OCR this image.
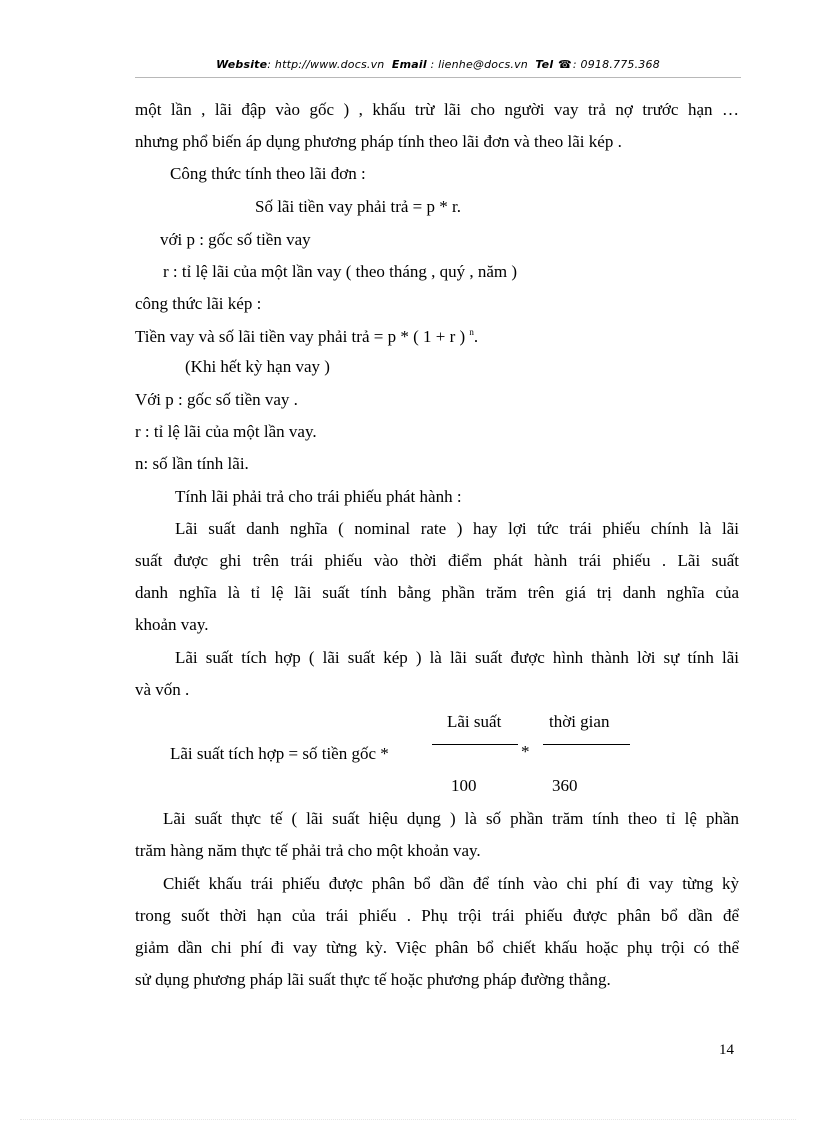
Website: http://www.docs.vn Email : lienhe@docs.vn Tel ☎: 0918.775.368
một lần , lãi đập vào gốc ) , khấu trừ lãi cho người vay trả nợ trước hạn …
nhưng phổ biến áp dụng phương pháp tính theo lãi đơn và theo lãi kép .
Công thức tính theo lãi đơn :
Số lãi tiền vay phải trả = p * r.
với p : gốc số tiền vay
r : tỉ lệ lãi của một lần vay ( theo tháng , quý , năm )
công thức lãi kép :
Tiền vay và số lãi tiền vay phải trả = p * ( 1 + r ) $^n$.
(Khi hết kỳ hạn vay )
Với p : gốc số tiền vay .
r : tỉ lệ lãi của một lần vay.
n: số lần tính lãi.
Tính lãi phải trả cho trái phiếu phát hành :
Lãi suất danh nghĩa ( nominal rate ) hay lợi tức trái phiếu chính là lãi
suất được ghi trên trái phiếu vào thời điểm phát hành trái phiếu . Lãi suất
danh nghĩa là tỉ lệ lãi suất tính bằng phần trăm trên giá trị danh nghĩa của
khoản vay.
Lãi suất tích hợp ( lãi suất kép ) là lãi suất được hình thành lời sự tính lãi
và vốn .
Lãi suất	thời gian
Lãi suất tích hợp = số tiền gốc *	*
100	360
Lãi suất thực tế ( lãi suất hiệu dụng ) là số phần trăm tính theo tỉ lệ phần
trăm hàng năm thực tế phải trả cho một khoản vay.
Chiết khấu trái phiếu được phân bổ dần để tính vào chi phí đi vay từng kỳ
trong suốt thời hạn của trái phiếu . Phụ trội trái phiếu được phân bổ dần để
giảm dần chi phí đi vay từng kỳ. Việc phân bổ chiết khấu hoặc phụ trội có thể
sử dụng phương pháp lãi suất thực tế hoặc phương pháp đường thẳng.
14
